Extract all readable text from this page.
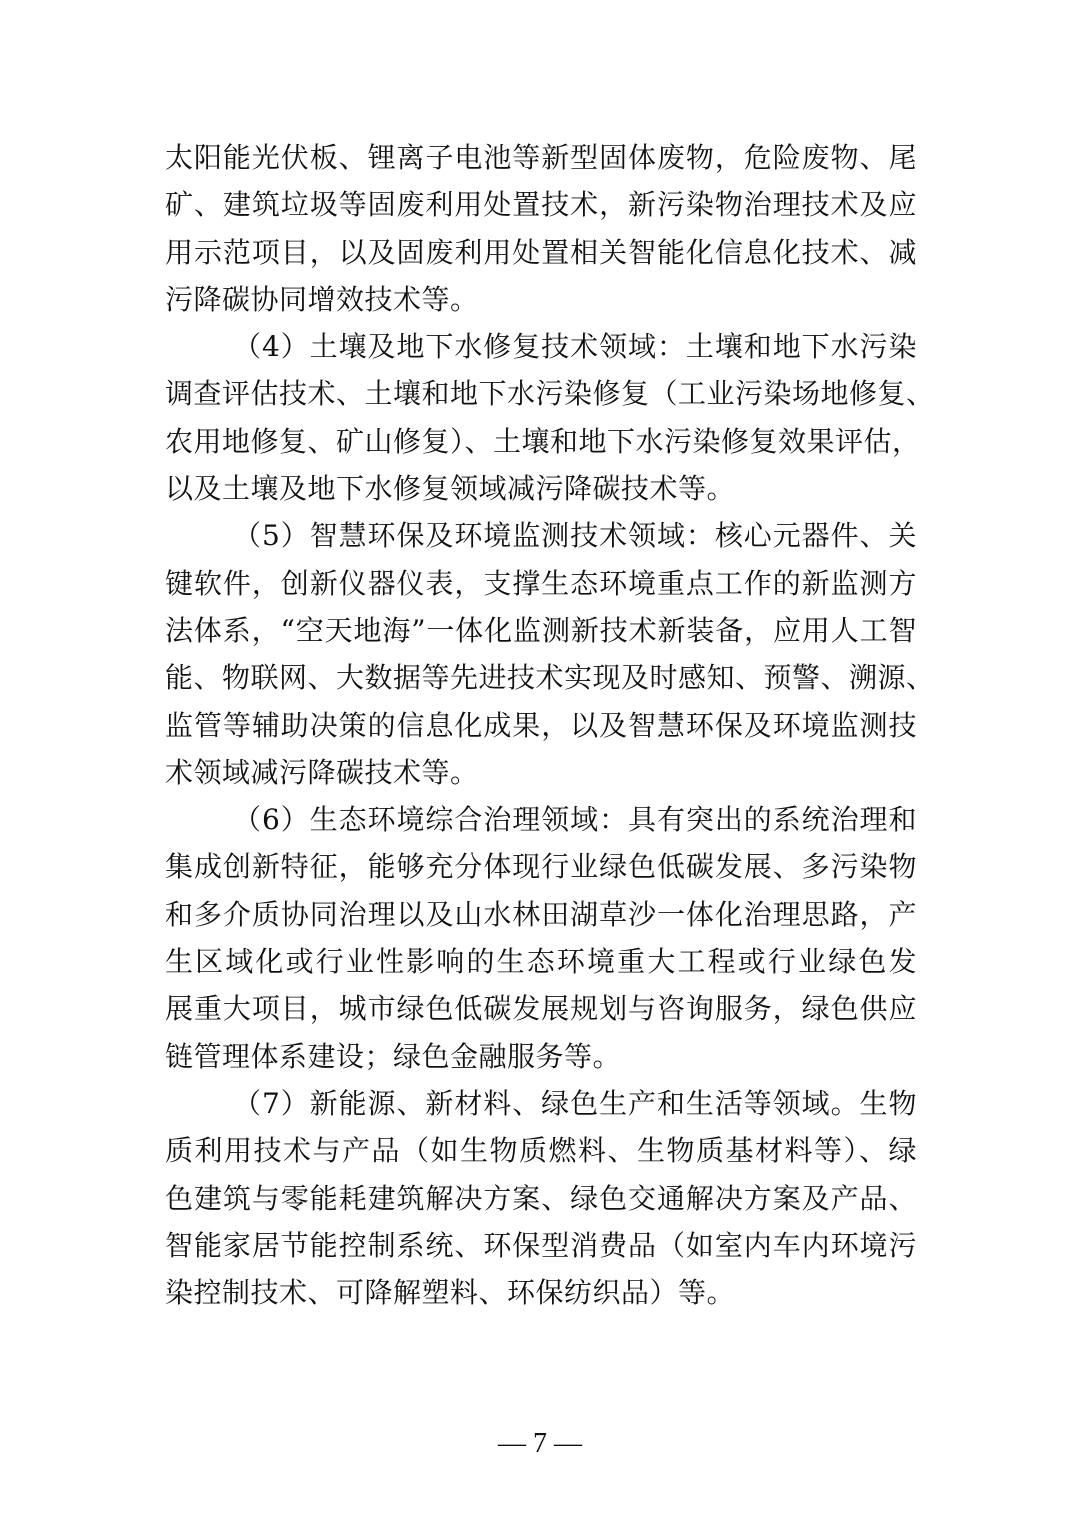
太阳能光伏板、锂离子电池等新型固体废物，危险废物、尾
矿、建筑垃圾等固废利用处置技术，新污染物治理技术及应
用示范项目，以及固废利用处置相关智能化信息化技术、减
污降碳协同增效技术等。
（4）土壤及地下水修复技术领域：土壤和地下水污染
调查评估技术、土壤和地下水污染修复（工业污染场地修复、
农用地修复、矿山修复）、土壤和地下水污染修复效果评估，
以及土壤及地下水修复领域减污降碳技术等。
（5）智慧环保及环境监测技术领域：核心元器件、关
键软件，创新仪器仪表，支撑生态环境重点工作的新监测方
法体系，“空天地海”一体化监测新技术新装备，应用人工智
能、物联网、大数据等先进技术实现及时感知、预警、溯源、
监管等辅助决策的信息化成果，以及智慧环保及环境监测技
术领域减污降碳技术等。
（6）生态环境综合治理领域：具有突出的系统治理和
集成创新特征，能够充分体现行业绿色低碳发展、多污染物
和多介质协同治理以及山水林田湖草沙一体化治理思路，产
生区域化或行业性影响的生态环境重大工程或行业绿色发
展重大项目，城市绿色低碳发展规划与咨询服务，绿色供应
链管理体系建设；绿色金融服务等。
（7）新能源、新材料、绿色生产和生活等领域。生物
质利用技术与产品（如生物质燃料、生物质基材料等）、绿
色建筑与零能耗建筑解决方案、绿色交通解决方案及产品、
智能家居节能控制系统、环保型消费品（如室内车内环境污
染控制技术、可降解塑料、环保纺织品）等。
— 7 —
